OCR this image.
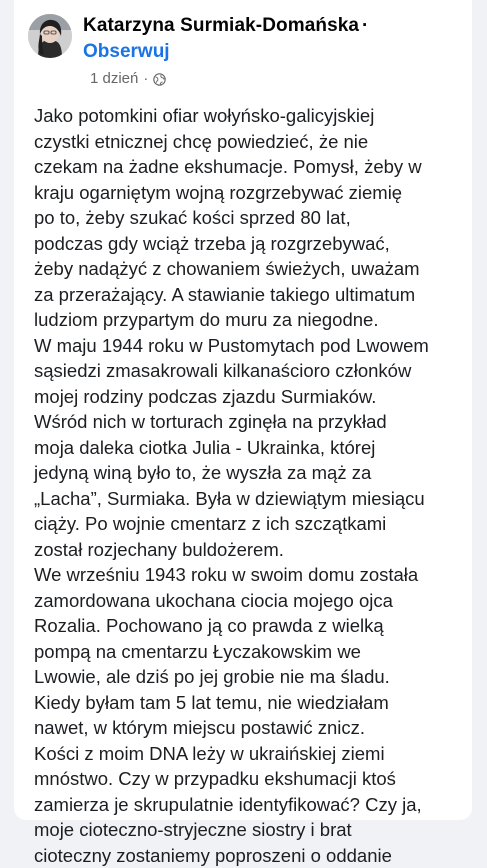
Katarzyna Surmiak-Domańska ·
Obserwuj
1 dzień ·
Jako potomkini ofiar wołyńsko-galicyjskiej
czystki etnicznej chcę powiedzieć, że nie
czekam na żadne ekshumacje. Pomysł, żeby w
kraju ogarniętym wojną rozgrzebywać ziemię
po to, żeby szukać kości sprzed 80 lat,
podczas gdy wciąż trzeba ją rozgrzebywać,
żeby nadążyć z chowaniem świeżych, uważam
za przerażający. A stawianie takiego ultimatum
ludziom przypartym do muru za niegodne.
W maju 1944 roku w Pustomytach pod Lwowem
sąsiedzi zmasakrowali kilkanaścioro członków
mojej rodziny podczas zjazdu Surmiaków.
Wśród nich w torturach zginęła na przykład
moja daleka ciotka Julia - Ukrainka, której
jedyną winą było to, że wyszła za mąż za
„Lacha”, Surmiaka. Była w dziewiątym miesiącu
ciąży. Po wojnie cmentarz z ich szczątkami
został rozjechany buldożerem.
We wrześniu 1943 roku w swoim domu została
zamordowana ukochana ciocia mojego ojca
Rozalia. Pochowano ją co prawda z wielką
pompą na cmentarzu Łyczakowskim we
Lwowie, ale dziś po jej grobie nie ma śladu.
Kiedy byłam tam 5 lat temu, nie wiedziałam
nawet, w którym miejscu postawić znicz.
Kości z moim DNA leży w ukraińskiej ziemi
mnóstwo. Czy w przypadku ekshumacji ktoś
zamierza je skrupulatnie identyfikować? Czy ja,
moje cioteczno-stryjeczne siostry i brat
cioteczny zostaniemy poproszeni o oddanie
